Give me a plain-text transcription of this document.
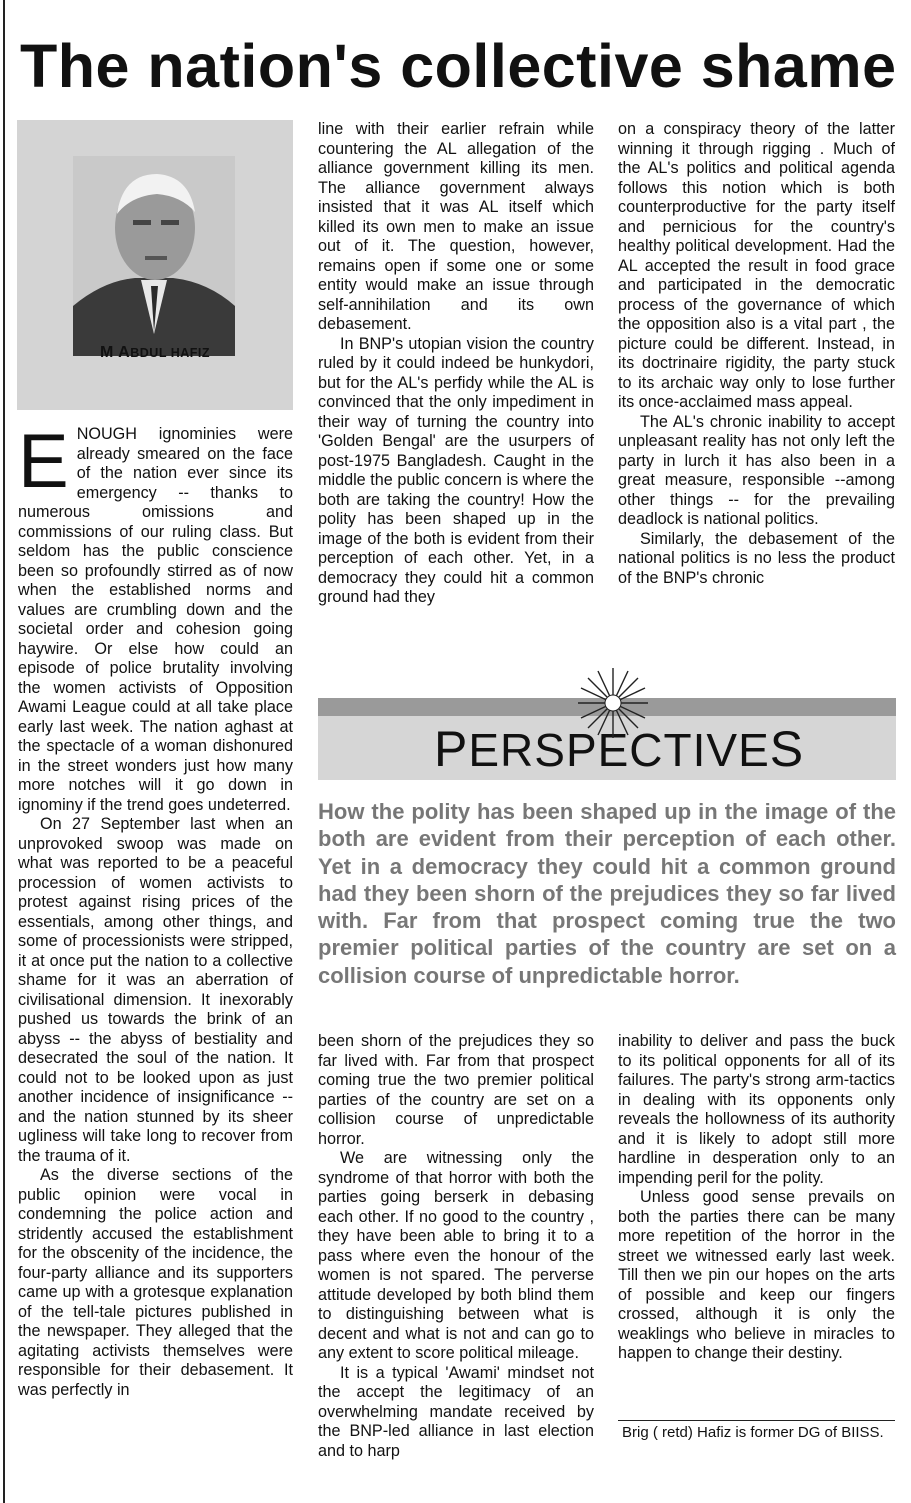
The nation's collective shame
M ABDUL HAFIZ

ENOUGH ignominies were already smeared on the face of the nation ever since its emergency -- thanks to numerous omissions and commissions of our ruling class. But seldom has the public conscience been so profoundly stirred as of now when the established norms and values are crumbling down and the societal order and cohesion going haywire. Or else how could an episode of police brutality involving the women activists of Opposition Awami League could at all take place early last week. The nation aghast at the spectacle of a woman dishonured in the street wonders just how many more notches will it go down in ignominy if the trend goes undeterred.

On 27 September last when an unprovoked swoop was made on what was reported to be a peaceful procession of women activists to protest against rising prices of the essentials, among other things, and some of processionists were stripped, it at once put the nation to a collective shame for it was an aberration of civilisational dimension. It inexorably pushed us towards the brink of an abyss -- the abyss of bestiality and desecrated the soul of the nation. It could not to be looked upon as just another incidence of insignificance -- and the nation stunned by its sheer ugliness will take long to recover from the trauma of it.

As the diverse sections of the public opinion were vocal in condemning the police action and stridently accused the establishment for the obscenity of the incidence, the four-party alliance and its supporters came up with a grotesque explanation of the tell-tale pictures published in the newspaper. They alleged that the agitating activists themselves were responsible for their debasement. It was perfectly in

line with their earlier refrain while countering the AL allegation of the alliance government killing its men. The alliance government always insisted that it was AL itself which killed its own men to make an issue out of it. The question, however, remains open if some one or some entity would make an issue through self-annihilation and its own debasement.

In BNP's utopian vision the country ruled by it could indeed be hunkydori, but for the AL's perfidy while the AL is convinced that the only impediment in their way of turning the country into 'Golden Bengal' are the usurpers of post-1975 Bangladesh. Caught in the middle the public concern is where the both are taking the country! How the polity has been shaped up in the image of the both is evident from their perception of each other. Yet, in a democracy they could hit a common ground had they

on a conspiracy theory of the latter winning it through rigging . Much of the AL's politics and political agenda follows this notion which is both counterproductive for the party itself and pernicious for the country's healthy political development. Had the AL accepted the result in food grace and participated in the democratic process of the governance of which the opposition also is a vital part , the picture could be different. Instead, in its doctrinaire rigidity, the party stuck to its archaic way only to lose further its once-acclaimed mass appeal.

The AL's chronic inability to accept unpleasant reality has not only left the party in lurch it has also been in a great measure, responsible --among other things -- for the prevailing deadlock is national politics.

Similarly, the debasement of the national politics is no less the product of the BNP's chronic

PERSPECTIVES

How the polity has been shaped up in the image of the both are evident from their perception of each other. Yet in a democracy they could hit a common ground had they been shorn of the prejudices they so far lived with. Far from that prospect coming true the two premier political parties of the country are set on a collision course of unpredictable horror.

been shorn of the prejudices they so far lived with. Far from that prospect coming true the two premier political parties of the country are set on a collision course of unpredictable horror.

We are witnessing only the syndrome of that horror with both the parties going berserk in debasing each other. If no good to the country , they have been able to bring it to a pass where even the honour of the women is not spared. The perverse attitude developed by both blind them to distinguishing between what is decent and what is not and can go to any extent to score political mileage.

It is a typical 'Awami' mindset not the accept the legitimacy of an overwhelming mandate received by the BNP-led alliance in last election and to harp

inability to deliver and pass the buck to its political opponents for all of its failures. The party's strong arm-tactics in dealing with its opponents only reveals the hollowness of its authority and it is likely to adopt still more hardline in desperation only to an impending peril for the polity.

Unless good sense prevails on both the parties there can be many more repetition of the horror in the street we witnessed early last week. Till then we pin our hopes on the arts of possible and keep our fingers crossed, although it is only the weaklings who believe in miracles to happen to change their destiny.

Brig ( retd) Hafiz is former DG of BIISS.
